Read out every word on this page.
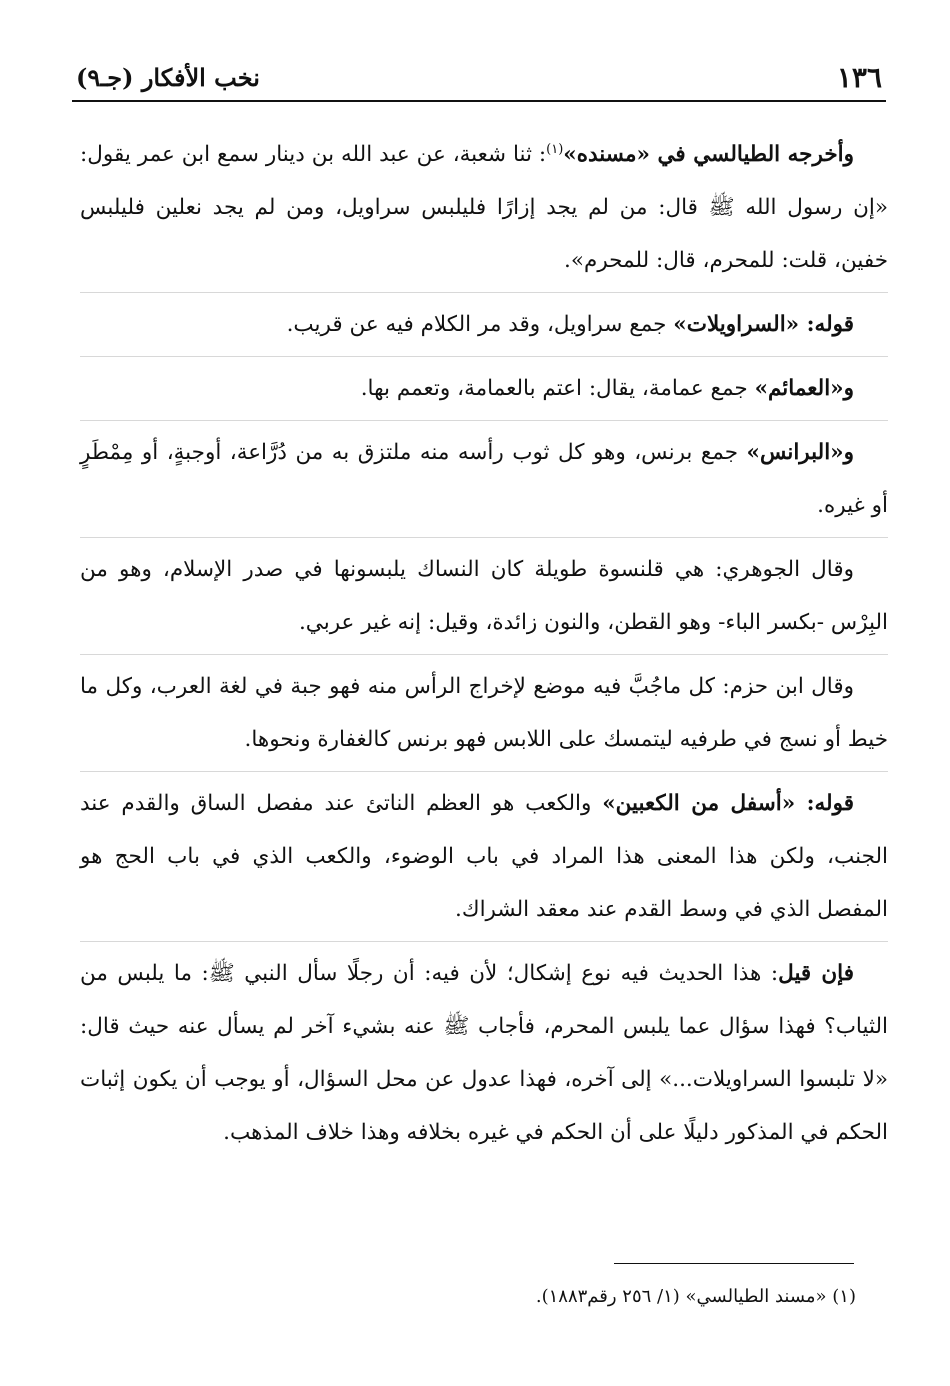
١٣٦
نخب الأفكار (جـ٩)

وأخرجه الطيالسي في «مسنده»$^{(١)}$: ثنا شعبة، عن عبد الله بن دينار سمع ابن عمر يقول: «إن رسول الله ﷺ قال: من لم يجد إزارًا فليلبس سراويل، ومن لم يجد نعلين فليلبس خفين، قلت: للمحرم، قال: للمحرم».

قوله: «السراويلات» جمع سراويل، وقد مر الكلام فيه عن قريب.

و«العمائم» جمع عمامة، يقال: اعتم بالعمامة، وتعمم بها.

و«البرانس» جمع برنس، وهو كل ثوب رأسه منه ملتزق به من دُرَّاعة، أوجبةٍ، أو مِمْطَرٍ أو غيره.

وقال الجوهري: هي قلنسوة طويلة كان النساك يلبسونها في صدر الإسلام، وهو من البِرْس -بكسر الباء- وهو القطن، والنون زائدة، وقيل: إنه غير عربي.

وقال ابن حزم: كل ماجُبَّ فيه موضع لإخراج الرأس منه فهو جبة في لغة العرب، وكل ما خيط أو نسج في طرفيه ليتمسك على اللابس فهو برنس كالغفارة ونحوها.

قوله: «أسفل من الكعبين» والكعب هو العظم الناتئ عند مفصل الساق والقدم عند الجنب، ولكن هذا المعنى هذا المراد في باب الوضوء، والكعب الذي في باب الحج هو المفصل الذي في وسط القدم عند معقد الشراك.

فإن قيل: هذا الحديث فيه نوع إشكال؛ لأن فيه: أن رجلًا سأل النبي ﷺ: ما يلبس من الثياب؟ فهذا سؤال عما يلبس المحرم، فأجاب ﷺ عنه بشيء آخر لم يسأل عنه حيث قال: «لا تلبسوا السراويلات...» إلى آخره، فهذا عدول عن محل السؤال، أو يوجب أن يكون إثبات الحكم في المذكور دليلًا على أن الحكم في غيره بخلافه وهذا خلاف المذهب.

(١) «مسند الطيالسي» (١/ ٢٥٦ رقم١٨٨٣).
